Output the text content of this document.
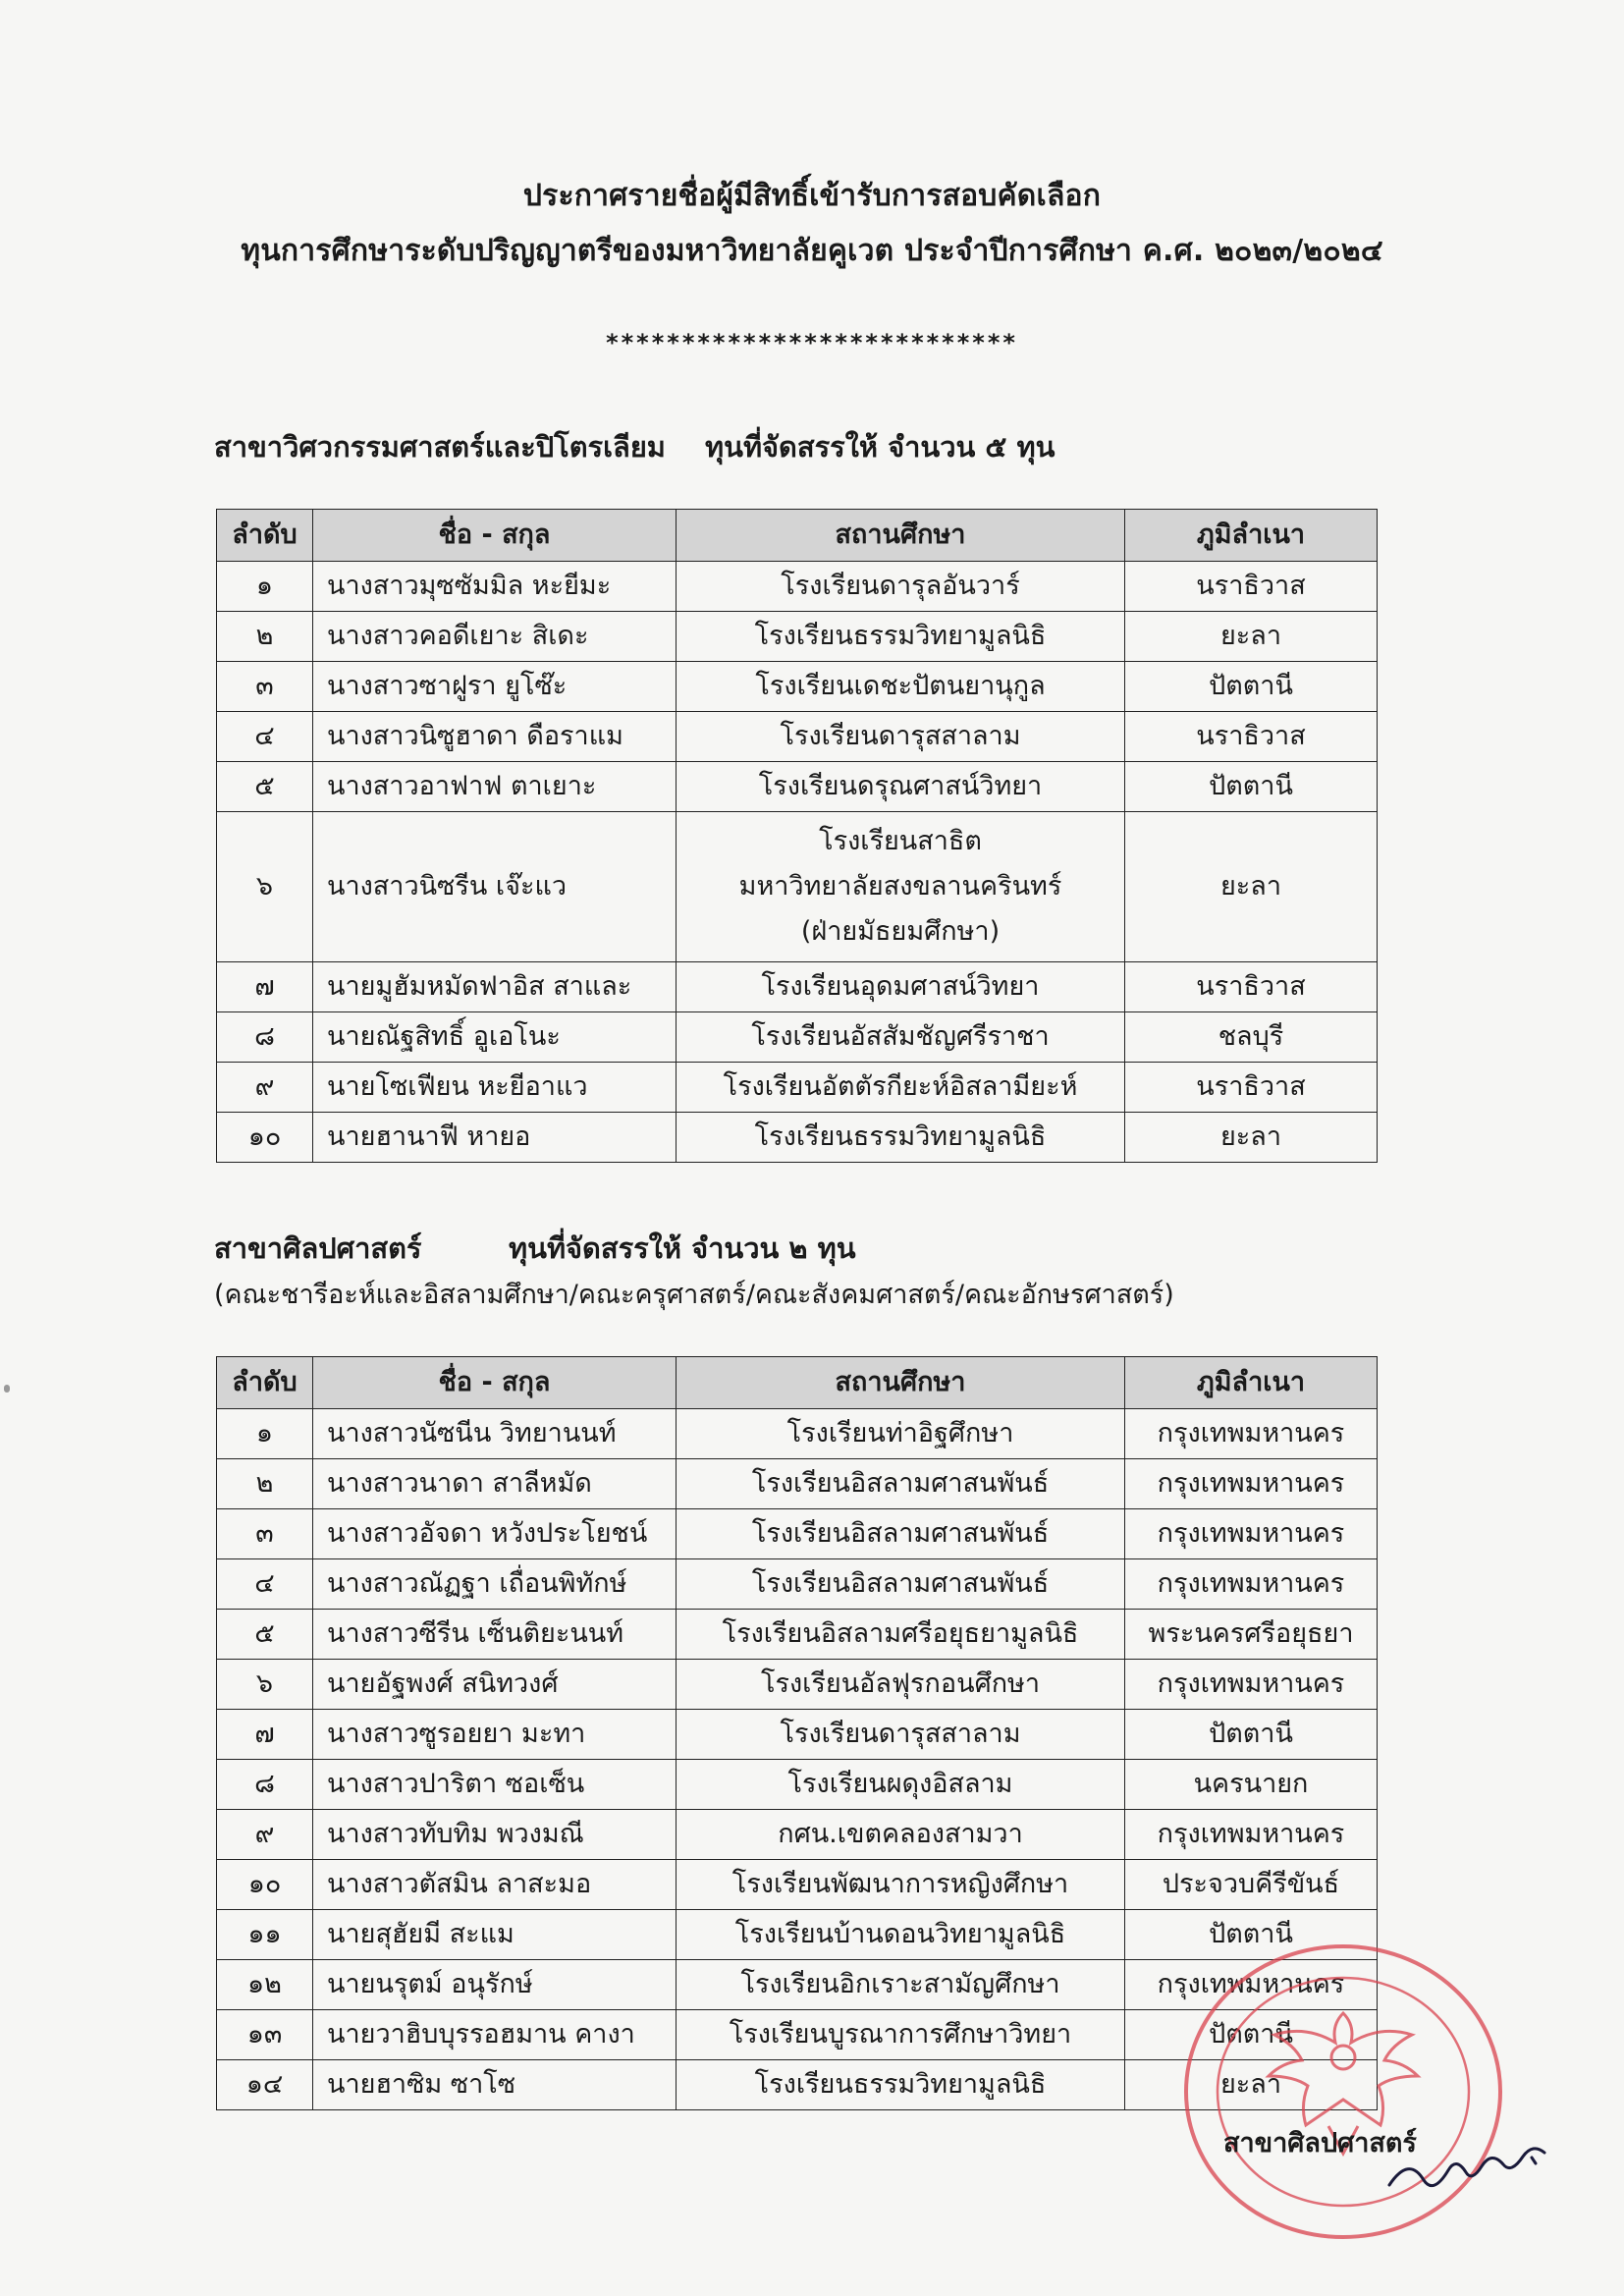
ประกาศรายชื่อผู้มีสิทธิ์เข้ารับการสอบคัดเลือก
ทุนการศึกษาระดับปริญญาตรีของมหาวิทยาลัยคูเวต ประจำปีการศึกษา ค.ศ. ๒๐๒๓/๒๐๒๔
***************************
สาขาวิศวกรรมศาสตร์และปิโตรเลียม ทุนที่จัดสรรให้ จำนวน ๕ ทุน
ลำดับ	ชื่อ - สกุล	สถานศึกษา	ภูมิลำเนา
๑	นางสาวมุซซัมมิล หะยีมะ	โรงเรียนดารุลอันวาร์	นราธิวาส
๒	นางสาวคอดีเยาะ สิเดะ	โรงเรียนธรรมวิทยามูลนิธิ	ยะลา
๓	นางสาวซาฝูรา ยูโซ๊ะ	โรงเรียนเดชะปัตนยานุกูล	ปัตตานี
๔	นางสาวนิซูฮาดา ดือราแม	โรงเรียนดารุสสาลาม	นราธิวาส
๕	นางสาวอาฟาฟ ตาเยาะ	โรงเรียนดรุณศาสน์วิทยา	ปัตตานี
๖	นางสาวนิซรีน เจ๊ะแว	โรงเรียนสาธิต
มหาวิทยาลัยสงขลานครินทร์
(ฝ่ายมัธยมศึกษา)	ยะลา
๗	นายมูฮัมหมัดฟาอิส สาและ	โรงเรียนอุดมศาสน์วิทยา	นราธิวาส
๘	นายณัฐสิทธิ์ อูเอโนะ	โรงเรียนอัสสัมชัญศรีราชา	ชลบุรี
๙	นายโซเฟียน หะยีอาแว	โรงเรียนอัตตัรกียะห์อิสลามียะห์	นราธิวาส
๑๐	นายฮานาฟี หายอ	โรงเรียนธรรมวิทยามูลนิธิ	ยะลา
สาขาศิลปศาสตร์	ทุนที่จัดสรรให้ จำนวน ๒ ทุน
(คณะชารีอะห์และอิสลามศึกษา/คณะครุศาสตร์/คณะสังคมศาสตร์/คณะอักษรศาสตร์)
ลำดับ	ชื่อ - สกุล	สถานศึกษา	ภูมิลำเนา
๑	นางสาวนัซนีน วิทยานนท์	โรงเรียนท่าอิฐศึกษา	กรุงเทพมหานคร
๒	นางสาวนาดา สาลีหมัด	โรงเรียนอิสลามศาสนพันธ์	กรุงเทพมหานคร
๓	นางสาวอัจดา หวังประโยชน์	โรงเรียนอิสลามศาสนพันธ์	กรุงเทพมหานคร
๔	นางสาวณัฏฐา เถื่อนพิทักษ์	โรงเรียนอิสลามศาสนพันธ์	กรุงเทพมหานคร
๕	นางสาวซีรีน เซ็นติยะนนท์	โรงเรียนอิสลามศรีอยุธยามูลนิธิ	พระนครศรีอยุธยา
๖	นายอัฐพงศ์ สนิทวงศ์	โรงเรียนอัลฟุรกอนศึกษา	กรุงเทพมหานคร
๗	นางสาวซูรอยยา มะทา	โรงเรียนดารุสสาลาม	ปัตตานี
๘	นางสาวปาริตา ซอเซ็น	โรงเรียนผดุงอิสลาม	นครนายก
๙	นางสาวทับทิม พวงมณี	กศน.เขตคลองสามวา	กรุงเทพมหานคร
๑๐	นางสาวตัสมิน ลาสะมอ	โรงเรียนพัฒนาการหญิงศึกษา	ประจวบคีรีขันธ์
๑๑	นายสุฮัยมี สะแม	โรงเรียนบ้านดอนวิทยามูลนิธิ	ปัตตานี
๑๒	นายนรุตม์ อนุรักษ์	โรงเรียนอิกเราะสามัญศึกษา	กรุงเทพมหานคร
๑๓	นายวาฮิบบุรรอฮมาน คางา	โรงเรียนบูรณาการศึกษาวิทยา	ปัตตานี
๑๔	นายฮาซิม ซาโซ	โรงเรียนธรรมวิทยามูลนิธิ	ยะลา
สาขาศิลปศาสตร์
